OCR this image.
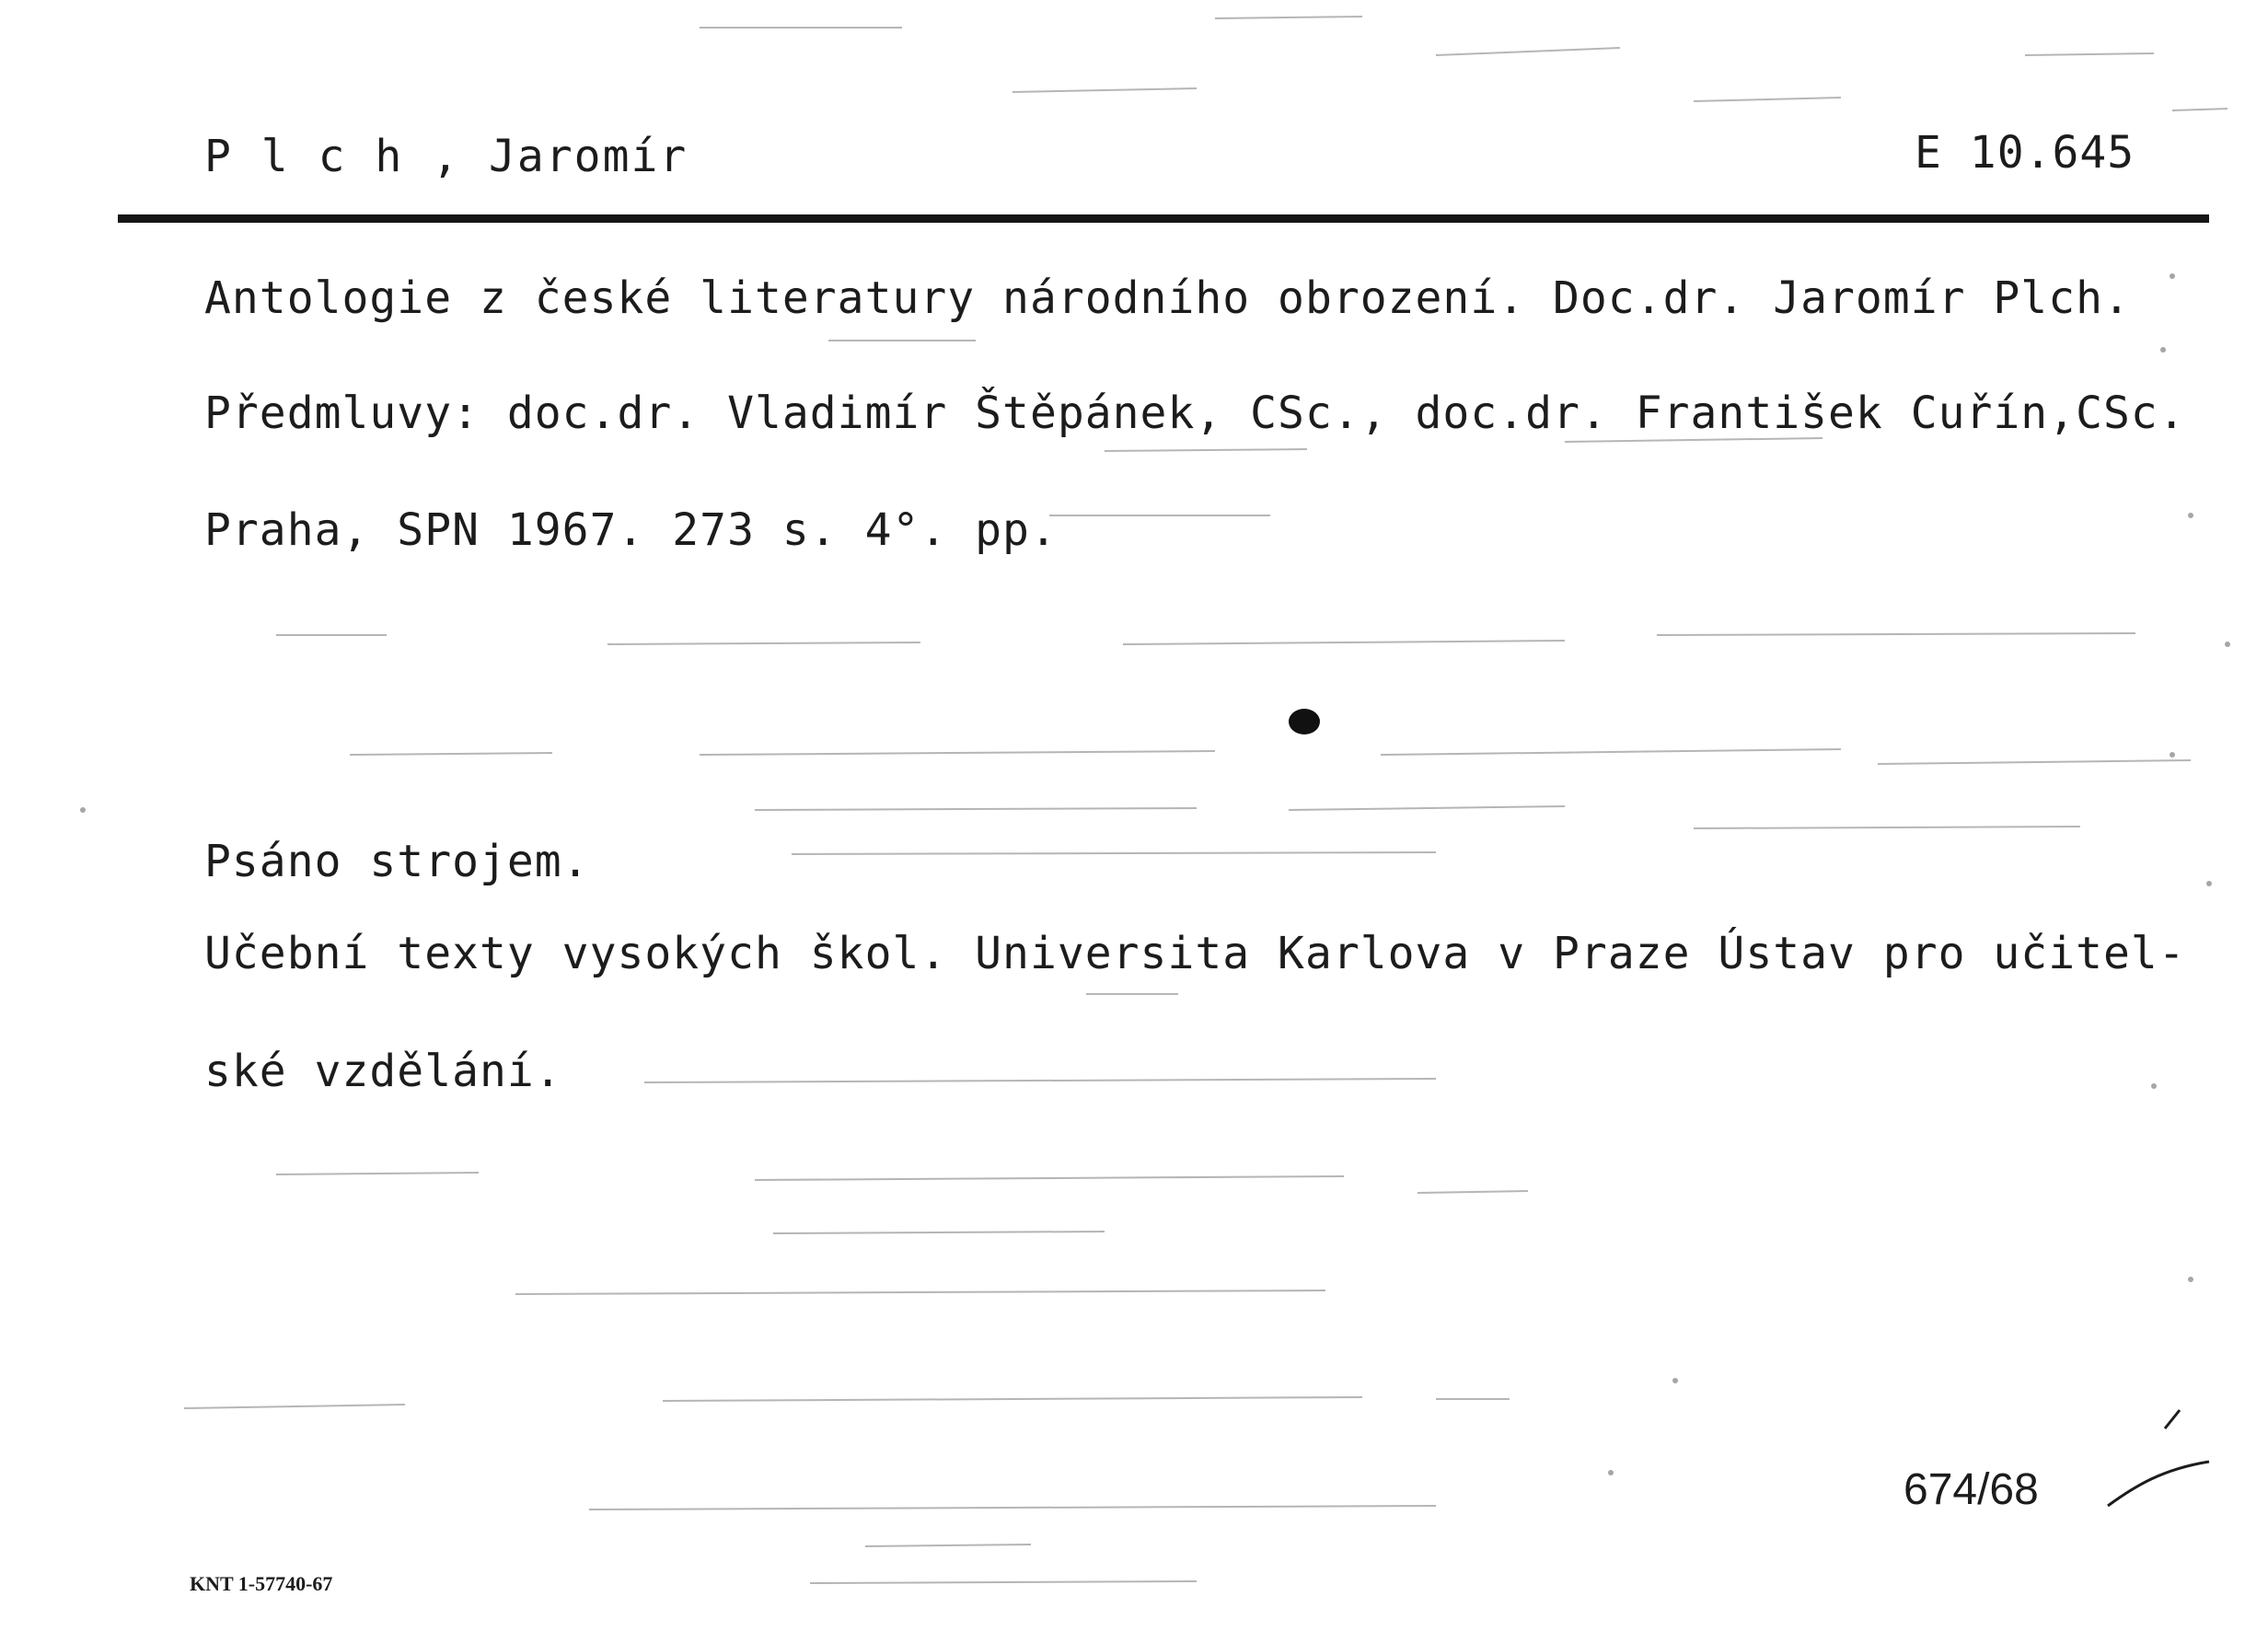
P l c h , Jaromír	E 10.645
Antologie z české literatury národního obrození. Doc.dr. Jaromír Plch.
Předmluvy: doc.dr. Vladimír Štěpánek, CSc., doc.dr. František Cuřín,CSc.
Praha, SPN 1967. 273 s. 4°. pp.
Psáno strojem.
Učební texty vysokých škol. Universita Karlova v Praze Ústav pro učitel-
ské vzdělání.
674/68
KNT 1-57740-67
